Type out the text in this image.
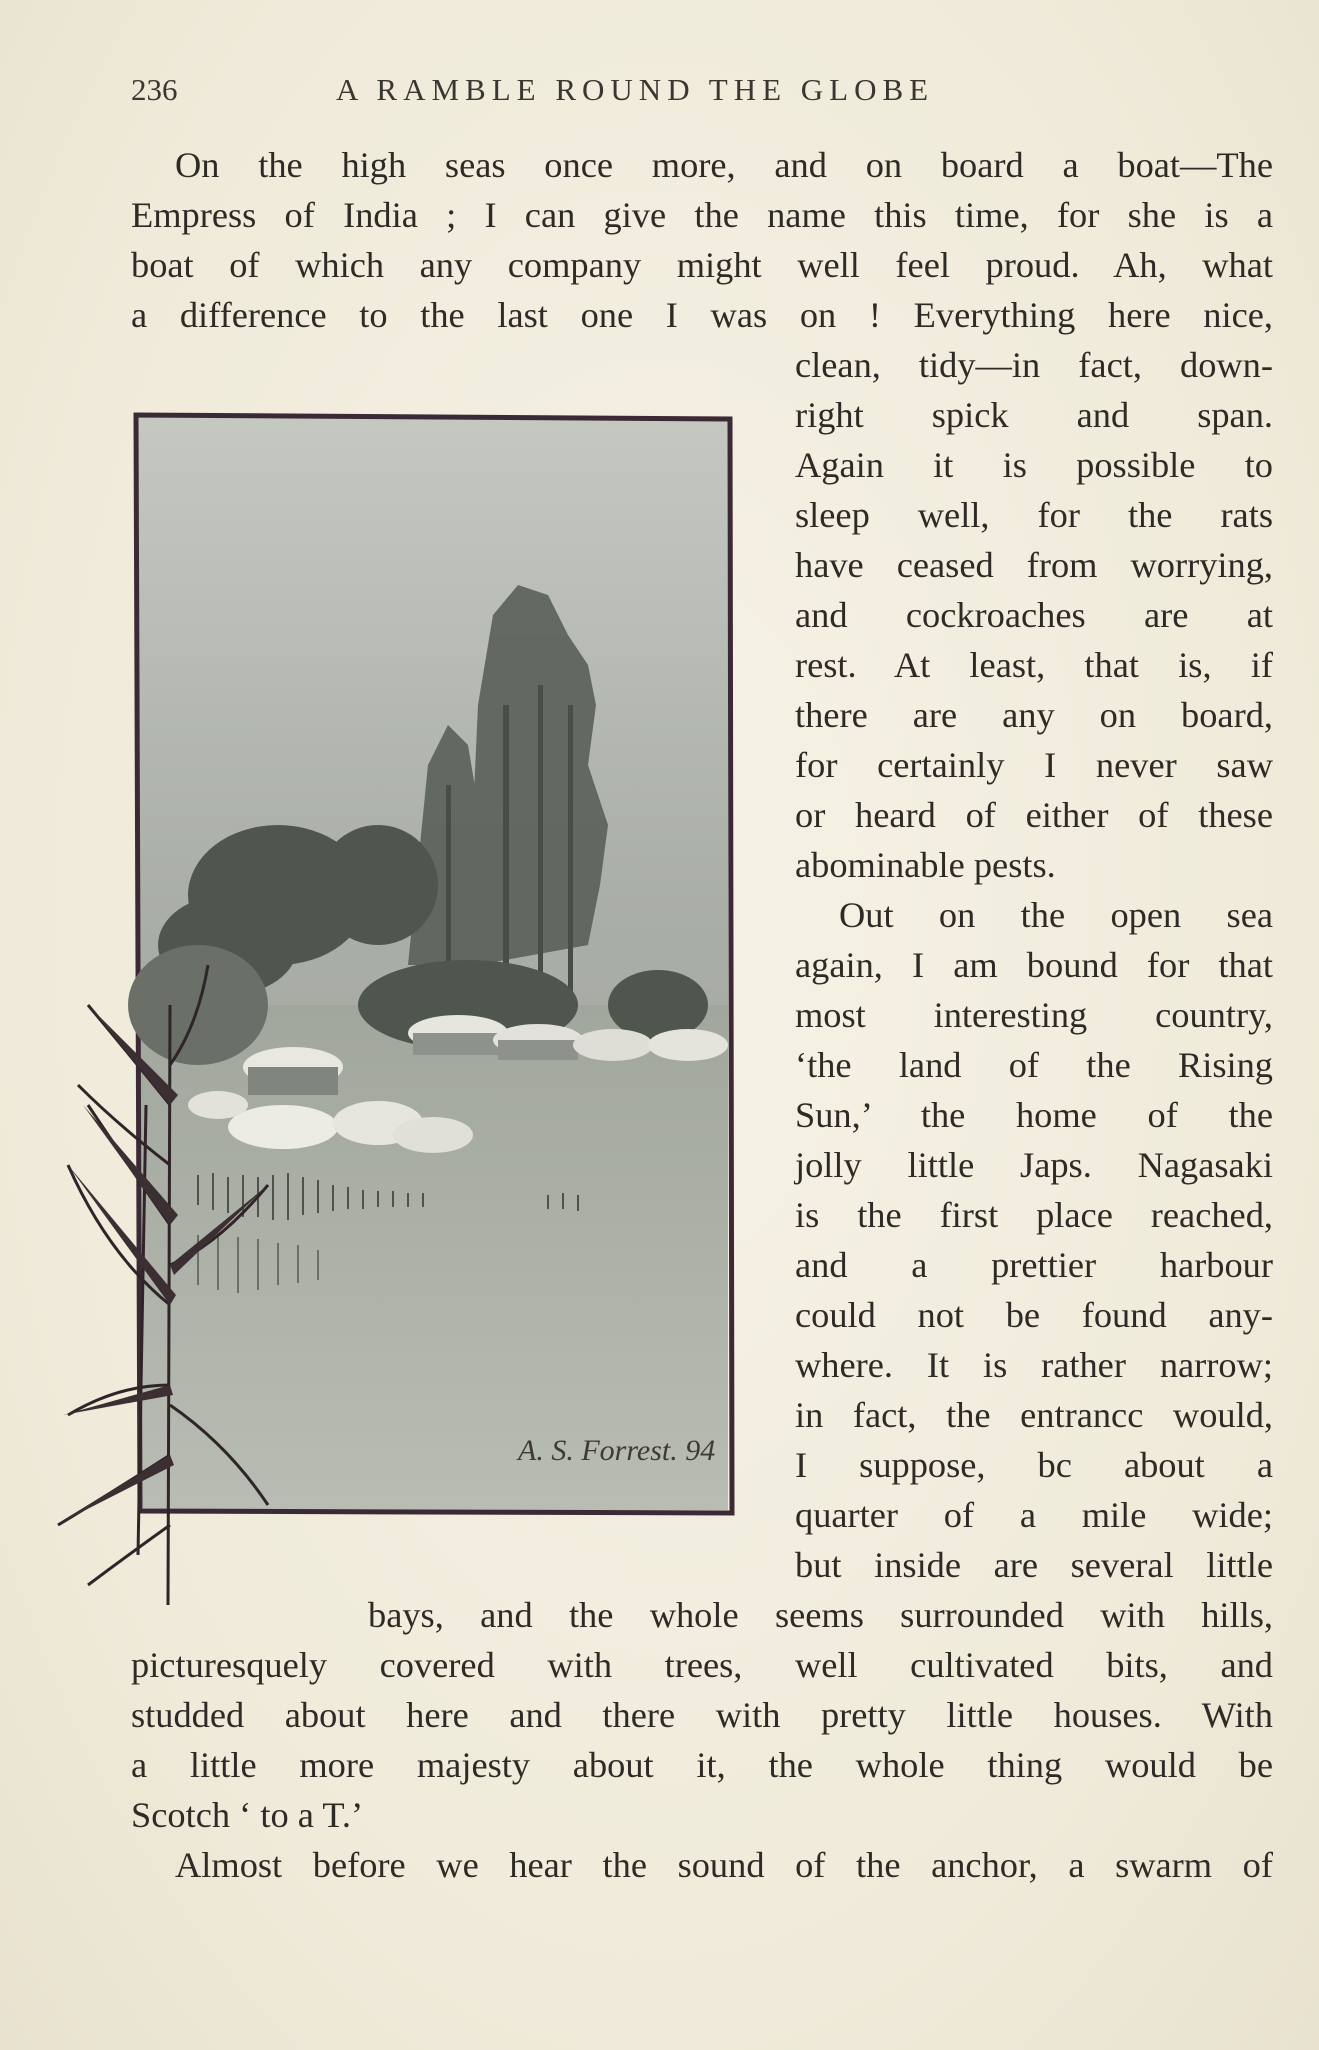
236	A RAMBLE ROUND THE GLOBE
A. S. Forrest. 94
On the high seas once more, and on board a boat—The
Empress of India ; I can give the name this time, for she is a
boat of which any company might well feel proud. Ah, what
a difference to the last one I was on ! Everything here nice,
clean, tidy—in fact, down-
right spick and span.
Again it is possible to
sleep well, for the rats
have ceased from worrying,
and cockroaches are at
rest. At least, that is, if
there are any on board,
for certainly I never saw
or heard of either of these
abominable pests.
Out on the open sea
again, I am bound for that
most interesting country,
‘the land of the Rising
Sun,’ the home of the
jolly little Japs. Nagasaki
is the first place reached,
and a prettier harbour
could not be found any-
where. It is rather narrow;
in fact, the entrancc would,
I suppose, bc about a
quarter of a mile wide;
but inside are several little
bays, and the whole seems surrounded with hills,
picturesquely covered with trees, well cultivated bits, and
studded about here and there with pretty little houses. With
a little more majesty about it, the whole thing would be
Scotch ‘ to a T.’
Almost before we hear the sound of the anchor, a swarm of
